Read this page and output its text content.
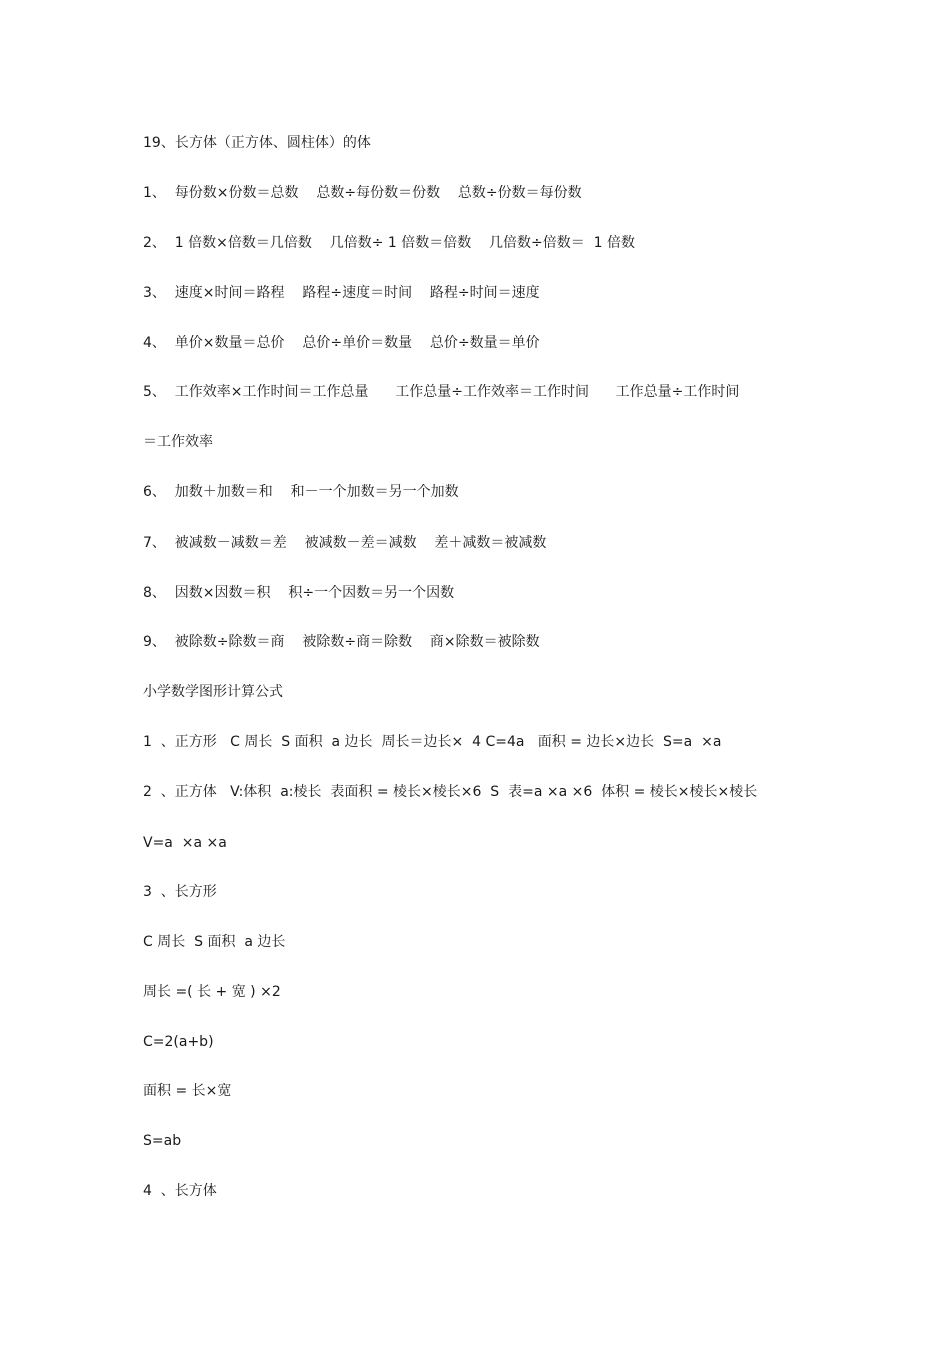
19、长方体（正方体、圆柱体）的体
1、  每份数×份数＝总数    总数÷每份数＝份数    总数÷份数＝每份数
2、  1 倍数×倍数＝几倍数    几倍数÷ 1 倍数＝倍数    几倍数÷倍数＝  1 倍数
3、  速度×时间＝路程    路程÷速度＝时间    路程÷时间＝速度
4、  单价×数量＝总价    总价÷单价＝数量    总价÷数量＝单价
5、  工作效率×工作时间＝工作总量      工作总量÷工作效率＝工作时间      工作总量÷工作时间
＝工作效率
6、  加数＋加数＝和    和－一个加数＝另一个加数
7、  被减数－减数＝差    被减数－差＝减数    差＋减数＝被减数
8、  因数×因数＝积    积÷一个因数＝另一个因数
9、  被除数÷除数＝商    被除数÷商＝除数    商×除数＝被除数
小学数学图形计算公式
1  、正方形   C 周长  S 面积  a 边长  周长＝边长×  4 C=4a   面积 = 边长×边长  S=a  ×a
2  、正方体   V:体积  a:棱长  表面积 = 棱长×棱长×6  S  表=a ×a ×6  体积 = 棱长×棱长×棱长
V=a  ×a ×a
3  、长方形
C 周长  S 面积  a 边长
周长 =( 长 + 宽 ) ×2
C=2(a+b)
面积 = 长×宽
S=ab
4  、长方体
